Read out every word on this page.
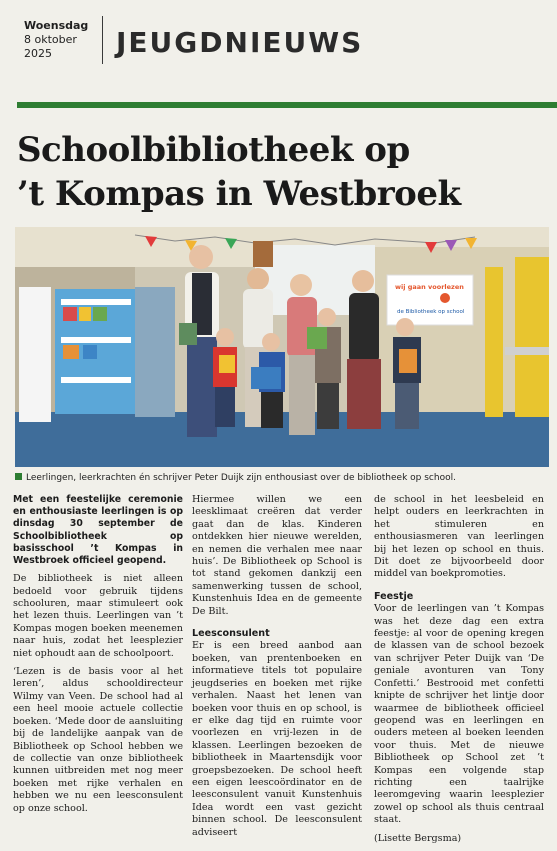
Woensdag
8 oktober
2025	JEUGDNIEUWS
Schoolbibliotheek op
’t Kompas in Westbroek
wij gaan voorlezen
de Bibliotheek op school
Leerlingen, leerkrachten én schrijver Peter Duijk zijn enthousiast over de bibliotheek op school.

Met een feestelijke ceremonie en enthousiaste leerlingen is op dinsdag 30 september de Schoolbibliotheek op basisschool ’t Kompas in Westbroek officieel geopend.

De bibliotheek is niet alleen bedoeld voor gebruik tijdens schooluren, maar stimuleert ook het lezen thuis. Leerlingen van ’t Kompas mogen boeken meenemen naar huis, zodat het leesplezier niet ophoudt aan de schoolpoort.

‘Lezen is de basis voor al het leren’, aldus schooldirecteur Wilmy van Veen. De school had al een heel mooie actuele collectie boeken. ‘Mede door de aansluiting bij de landelijke aanpak van de Bibliotheek op School hebben we de collectie van onze bibliotheek kunnen uitbreiden met nog meer boeken met rijke verhalen en hebben we nu een leesconsulent op onze school.

Hiermee willen we een leesklimaat creëren dat verder gaat dan de klas. Kinderen ontdekken hier nieuwe werelden, en nemen die verhalen mee naar huis’. De Bibliotheek op School is tot stand gekomen dankzij een samenwerking tussen de school, Kunstenhuis Idea en de gemeente De Bilt.

Leesconsulent

Er is een breed aanbod aan boeken, van prentenboeken en informatieve titels tot populaire jeugdseries en boeken met rijke verhalen. Naast het lenen van boeken voor thuis en op school, is er elke dag tijd en ruimte voor voorlezen en vrij-lezen in de klassen. Leerlingen bezoeken de bibliotheek in Maartensdijk voor groepsbezoeken. De school heeft een eigen leescoördinator en de leesconsulent vanuit Kunstenhuis Idea wordt een vast gezicht binnen school. De leesconsulent adviseert

de school in het leesbeleid en helpt ouders en leerkrachten in het stimuleren en enthousiasmeren van leerlingen bij het lezen op school en thuis. Dit doet ze bijvoorbeeld door middel van boekpromoties.

Feestje

Voor de leerlingen van ’t Kompas was het deze dag een extra feestje: al voor de opening kregen de klassen van de school bezoek van schrijver Peter Duijk van ‘De geniale avonturen van Tony Confetti.’ Bestrooid met confetti knipte de schrijver het lintje door waarmee de bibliotheek officieel geopend was en leerlingen en ouders meteen al boeken leenden voor thuis. Met de nieuwe Bibliotheek op School zet ’t Kompas een volgende stap richting een taalrijke leeromgeving waarin leesplezier zowel op school als thuis centraal staat.

(Lisette Bergsma)
